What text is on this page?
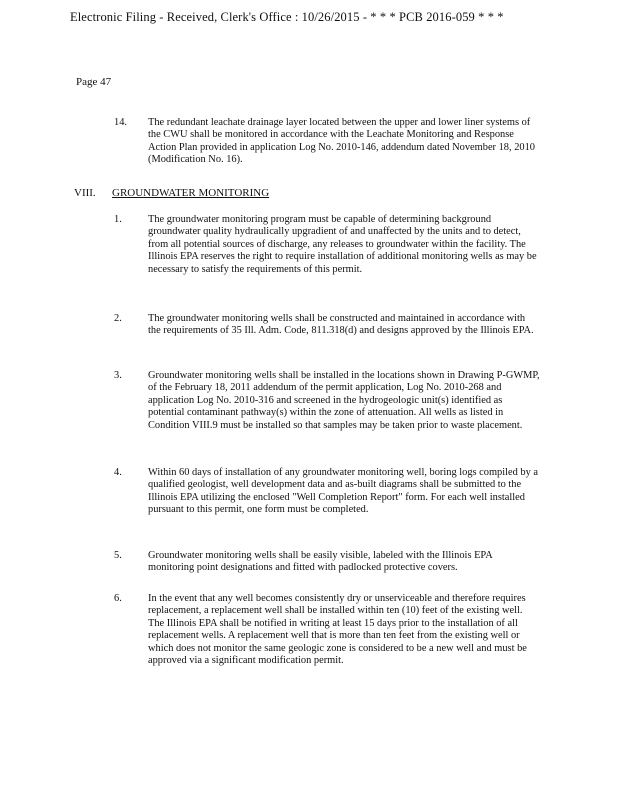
Electronic Filing - Received, Clerk's Office : 10/26/2015 - * * * PCB 2016-059 * * *
Page 47
14. The redundant leachate drainage layer located between the upper and lower liner systems of the CWU shall be monitored in accordance with the Leachate Monitoring and Response Action Plan provided in application Log No. 2010-146, addendum dated November 18, 2010 (Modification No. 16).
VIII. GROUNDWATER MONITORING
1.	The groundwater monitoring program must be capable of determining background groundwater quality hydraulically upgradient of and unaffected by the units and to detect, from all potential sources of discharge, any releases to groundwater within the facility. The Illinois EPA reserves the right to require installation of additional monitoring wells as may be necessary to satisfy the requirements of this permit.
2.	The groundwater monitoring wells shall be constructed and maintained in accordance with the requirements of 35 Ill. Adm. Code, 811.318(d) and designs approved by the Illinois EPA.
3.	Groundwater monitoring wells shall be installed in the locations shown in Drawing P-GWMP, of the February 18, 2011 addendum of the permit application, Log No. 2010-268 and application Log No. 2010-316 and screened in the hydrogeologic unit(s) identified as potential contaminant pathway(s) within the zone of attenuation. All wells as listed in Condition VIII.9 must be installed so that samples may be taken prior to waste placement.
4.	Within 60 days of installation of any groundwater monitoring well, boring logs compiled by a qualified geologist, well development data and as-built diagrams shall be submitted to the Illinois EPA utilizing the enclosed "Well Completion Report" form. For each well installed pursuant to this permit, one form must be completed.
5.	Groundwater monitoring wells shall be easily visible, labeled with the Illinois EPA monitoring point designations and fitted with padlocked protective covers.
6.	In the event that any well becomes consistently dry or unserviceable and therefore requires replacement, a replacement well shall be installed within ten (10) feet of the existing well. The Illinois EPA shall be notified in writing at least 15 days prior to the installation of all replacement wells. A replacement well that is more than ten feet from the existing well or which does not monitor the same geologic zone is considered to be a new well and must be approved via a significant modification permit.
